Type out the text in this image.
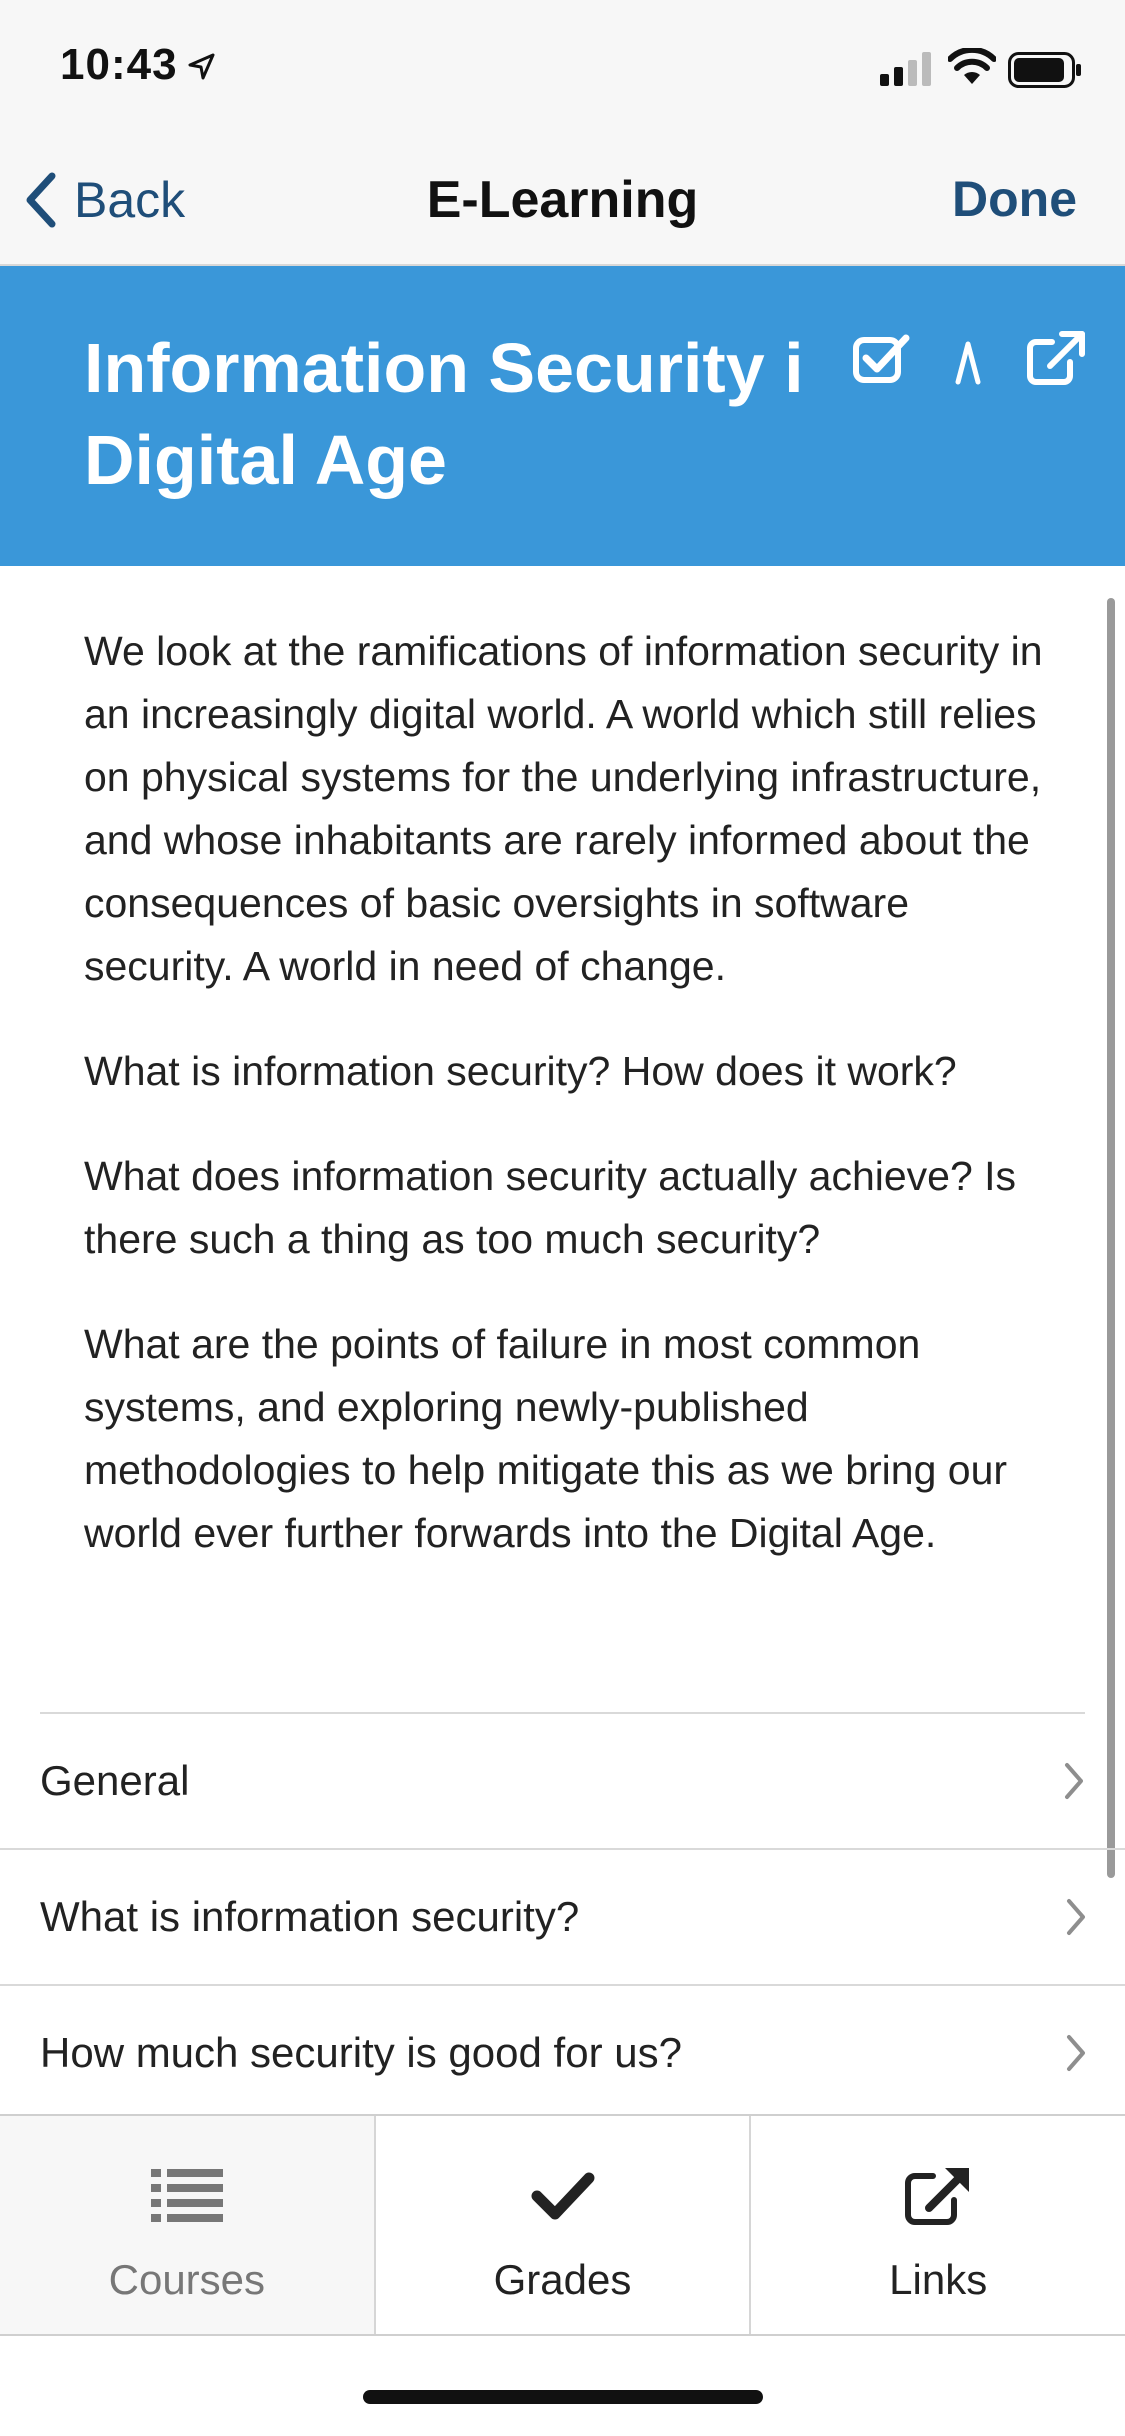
10:43
Back	E-Learning	Done
Information Security i
Digital Age

We look at the ramifications of information security in an increasingly digital world. A world which still relies on physical systems for the underlying infrastructure, and whose inhabitants are rarely informed about the consequences of basic oversights in software security. A world in need of change.

What is information security? How does it work?

What does information security actually achieve? Is there such a thing as too much security?

What are the points of failure in most common systems, and exploring newly-published methodologies to help mitigate this as we bring our world ever further forwards into the Digital Age.

General
What is information security?
How much security is good for us?
Courses	Grades	Links
